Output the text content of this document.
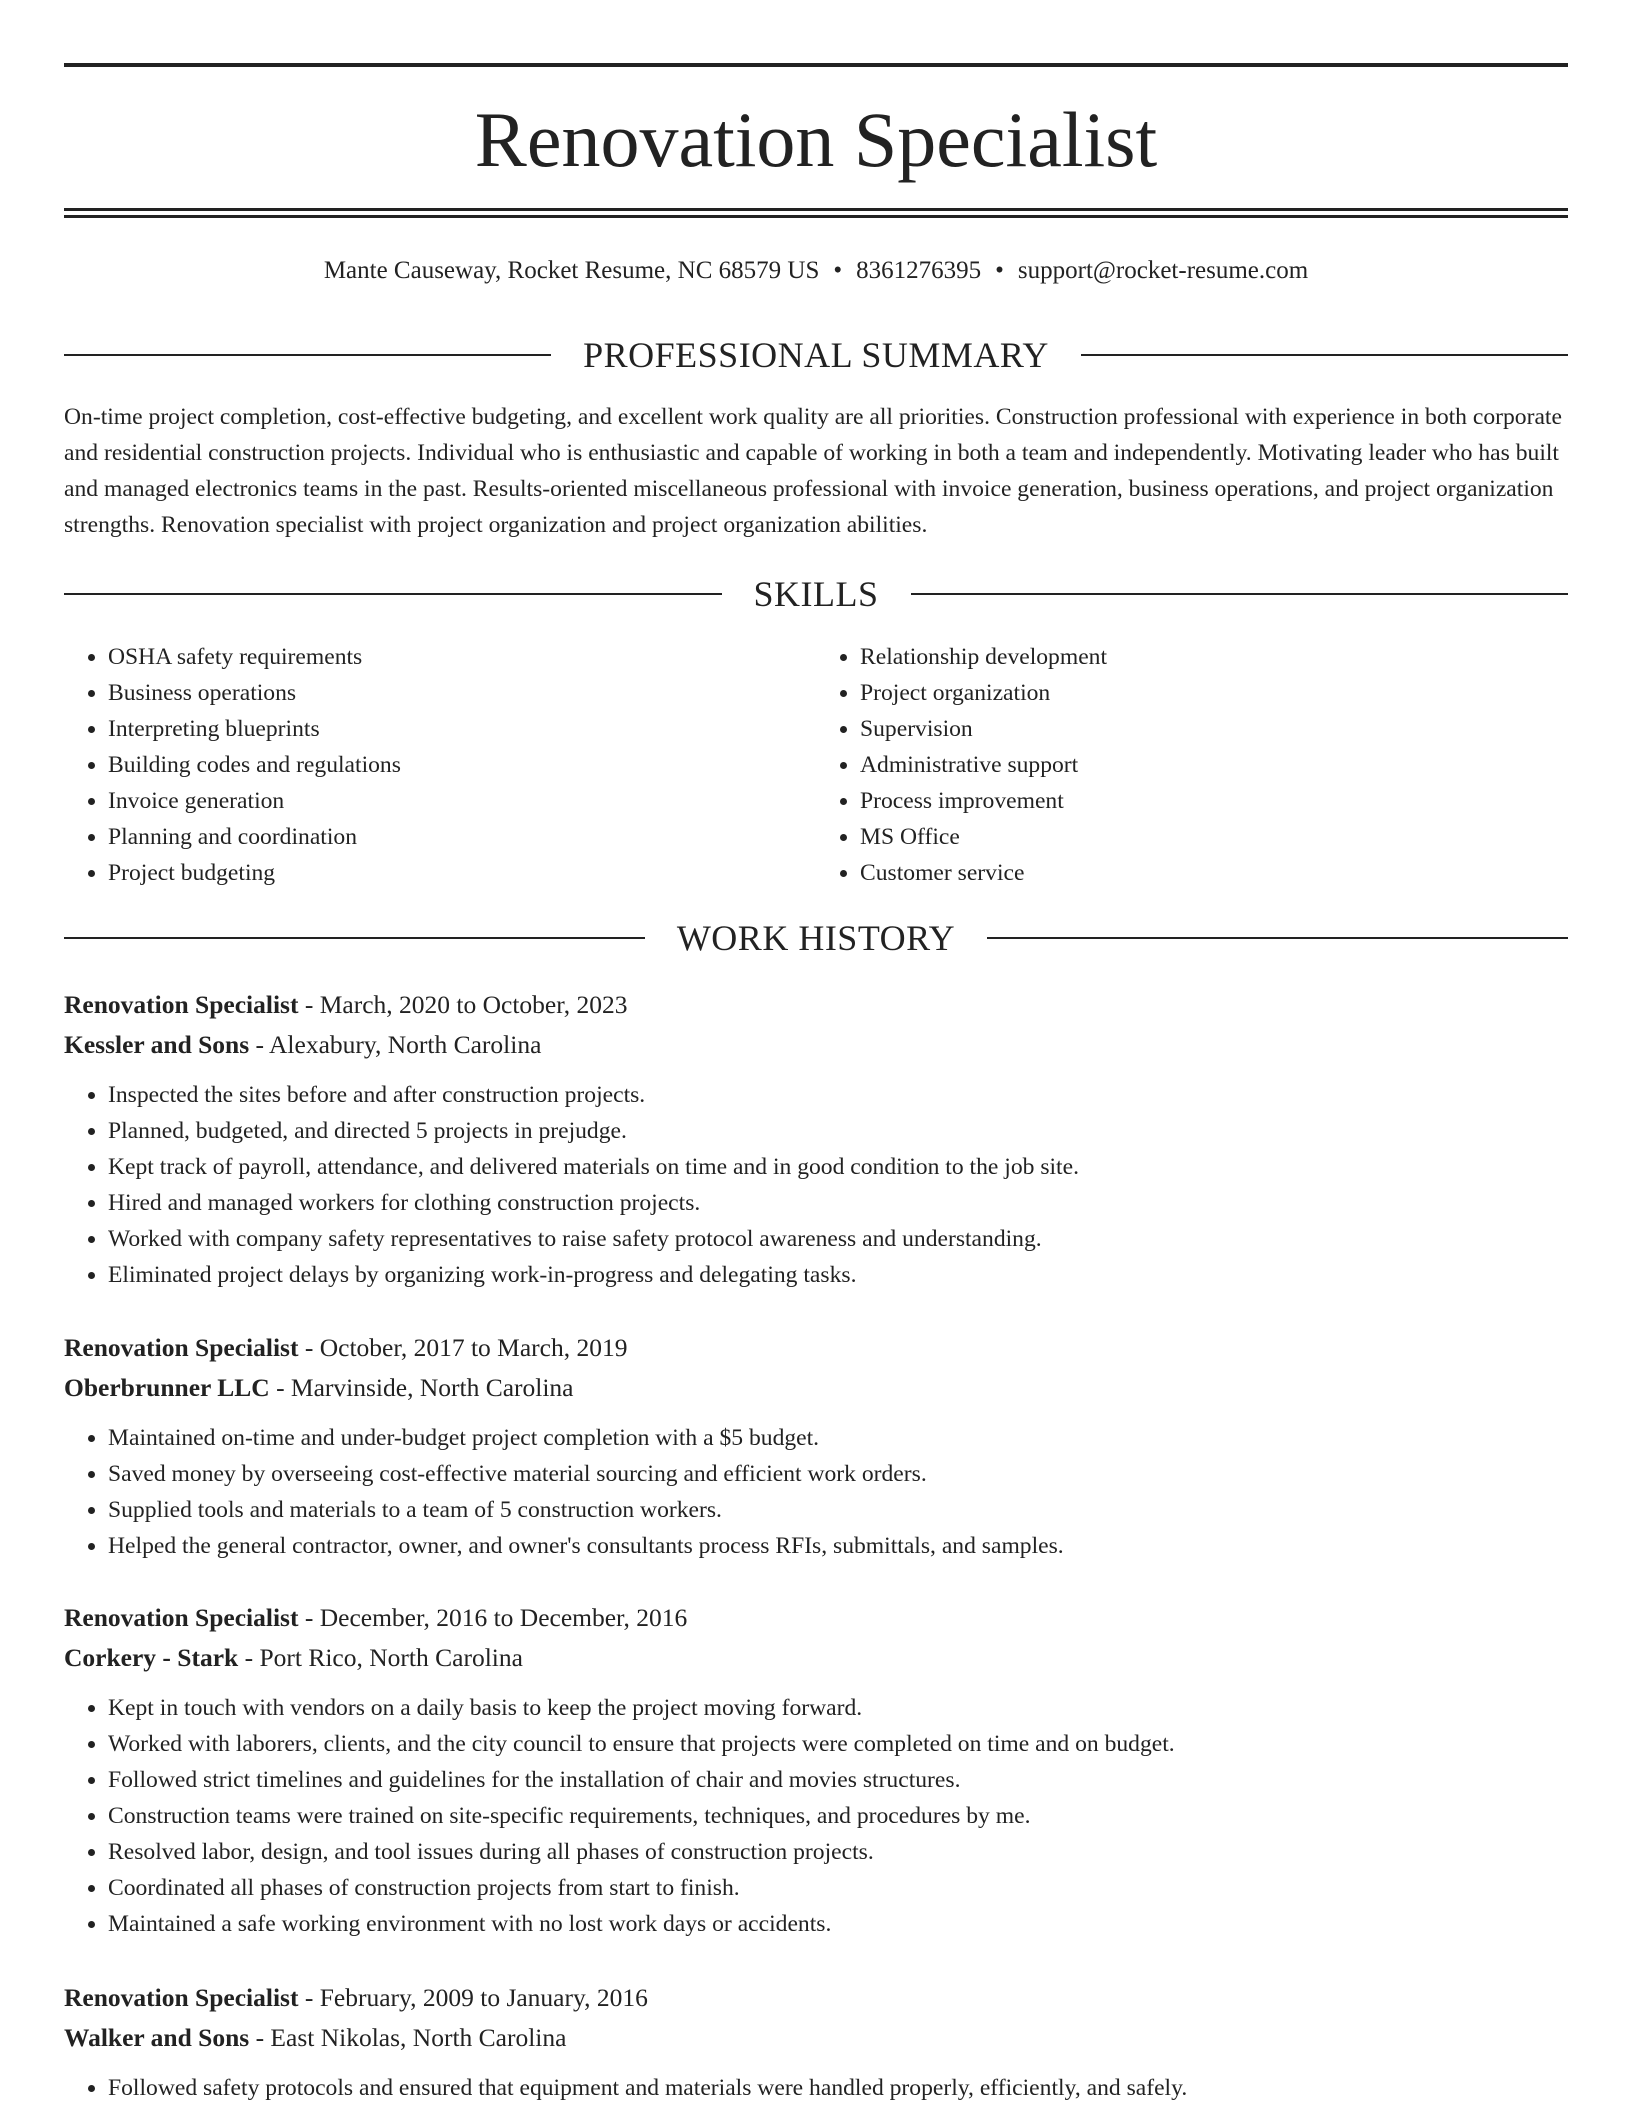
Renovation Specialist
Mante Causeway, Rocket Resume, NC 68579 US • 8361276395 • support@rocket-resume.com
PROFESSIONAL SUMMARY

On-time project completion, cost-effective budgeting, and excellent work quality are all priorities. Construction professional with experience in both corporate and residential construction projects. Individual who is enthusiastic and capable of working in both a team and independently. Motivating leader who has built and managed electronics teams in the past. Results-oriented miscellaneous professional with invoice generation, business operations, and project organization strengths. Renovation specialist with project organization and project organization abilities.

SKILLS
• OSHA safety requirements
• Business operations
• Interpreting blueprints
• Building codes and regulations
• Invoice generation
• Planning and coordination
• Project budgeting
• Relationship development
• Project organization
• Supervision
• Administrative support
• Process improvement
• MS Office
• Customer service
WORK HISTORY

Renovation Specialist - March, 2020 to October, 2023

Kessler and Sons - Alexabury, North Carolina

• Inspected the sites before and after construction projects.
• Planned, budgeted, and directed 5 projects in prejudge.
• Kept track of payroll, attendance, and delivered materials on time and in good condition to the job site.
• Hired and managed workers for clothing construction projects.
• Worked with company safety representatives to raise safety protocol awareness and understanding.
• Eliminated project delays by organizing work-in-progress and delegating tasks.

Renovation Specialist - October, 2017 to March, 2019

Oberbrunner LLC - Marvinside, North Carolina

• Maintained on-time and under-budget project completion with a $5 budget.
• Saved money by overseeing cost-effective material sourcing and efficient work orders.
• Supplied tools and materials to a team of 5 construction workers.
• Helped the general contractor, owner, and owner's consultants process RFIs, submittals, and samples.

Renovation Specialist - December, 2016 to December, 2016

Corkery - Stark - Port Rico, North Carolina

• Kept in touch with vendors on a daily basis to keep the project moving forward.
• Worked with laborers, clients, and the city council to ensure that projects were completed on time and on budget.
• Followed strict timelines and guidelines for the installation of chair and movies structures.
• Construction teams were trained on site-specific requirements, techniques, and procedures by me.
• Resolved labor, design, and tool issues during all phases of construction projects.
• Coordinated all phases of construction projects from start to finish.
• Maintained a safe working environment with no lost work days or accidents.

Renovation Specialist - February, 2009 to January, 2016

Walker and Sons - East Nikolas, North Carolina

• Followed safety protocols and ensured that equipment and materials were handled properly, efficiently, and safely.
